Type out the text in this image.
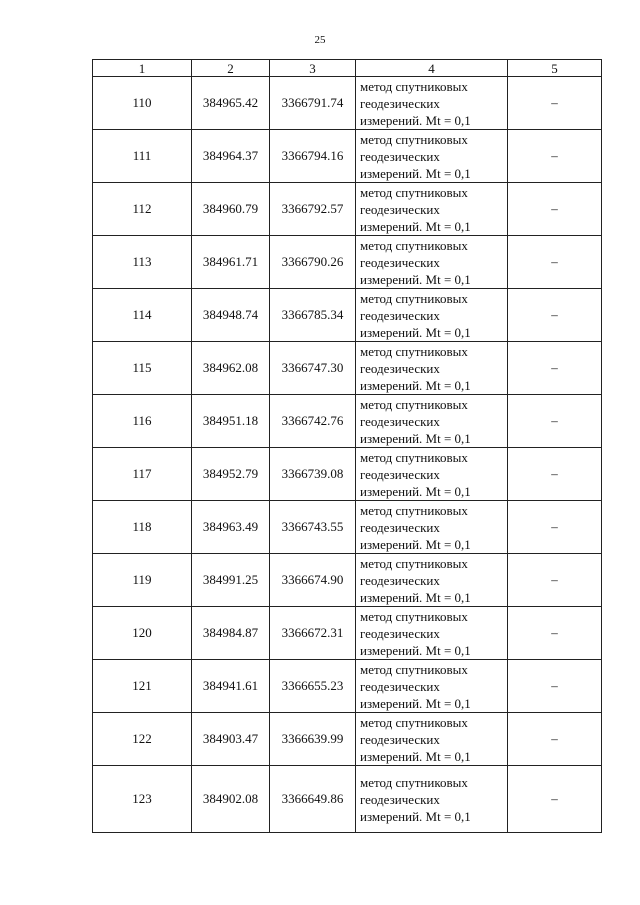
25
1	2	3	4	5
110	384965.42	3366791.74	метод спутниковых
геодезических
измерений. Mt = 0,1	–
111	384964.37	3366794.16	метод спутниковых
геодезических
измерений. Mt = 0,1	–
112	384960.79	3366792.57	метод спутниковых
геодезических
измерений. Mt = 0,1	–
113	384961.71	3366790.26	метод спутниковых
геодезических
измерений. Mt = 0,1	–
114	384948.74	3366785.34	метод спутниковых
геодезических
измерений. Mt = 0,1	–
115	384962.08	3366747.30	метод спутниковых
геодезических
измерений. Mt = 0,1	–
116	384951.18	3366742.76	метод спутниковых
геодезических
измерений. Mt = 0,1	–
117	384952.79	3366739.08	метод спутниковых
геодезических
измерений. Mt = 0,1	–
118	384963.49	3366743.55	метод спутниковых
геодезических
измерений. Mt = 0,1	–
119	384991.25	3366674.90	метод спутниковых
геодезических
измерений. Mt = 0,1	–
120	384984.87	3366672.31	метод спутниковых
геодезических
измерений. Mt = 0,1	–
121	384941.61	3366655.23	метод спутниковых
геодезических
измерений. Mt = 0,1	–
122	384903.47	3366639.99	метод спутниковых
геодезических
измерений. Mt = 0,1	–
123	384902.08	3366649.86	метод спутниковых
геодезических
измерений. Mt = 0,1	–
